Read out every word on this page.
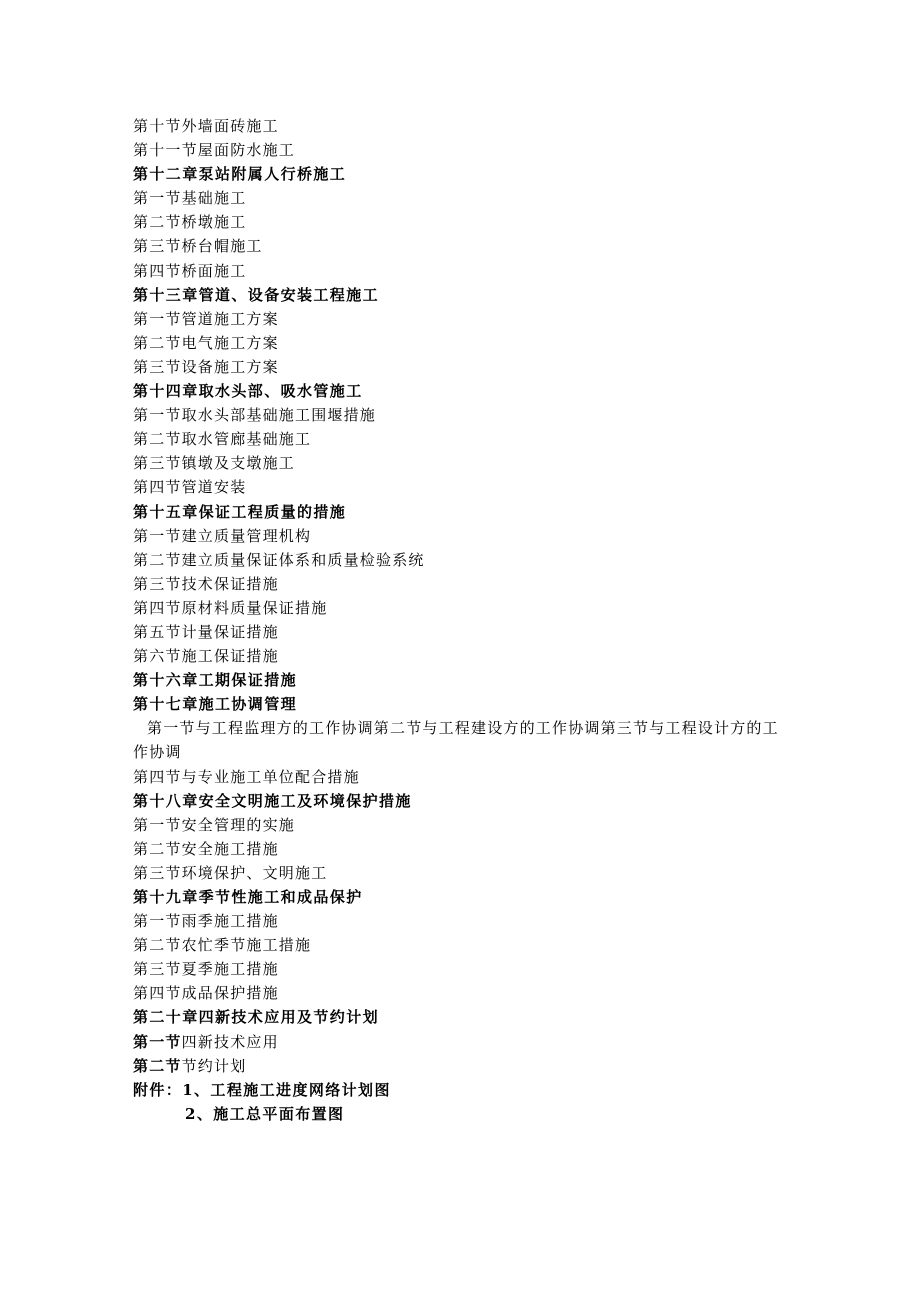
第十节外墙面砖施工
第十一节屋面防水施工
第十二章泵站附属人行桥施工
第一节基础施工
第二节桥墩施工
第三节桥台帽施工
第四节桥面施工
第十三章管道、设备安装工程施工
第一节管道施工方案
第二节电气施工方案
第三节设备施工方案
第十四章取水头部、吸水管施工
第一节取水头部基础施工围堰措施
第二节取水管廊基础施工
第三节镇墩及支墩施工
第四节管道安装
第十五章保证工程质量的措施
第一节建立质量管理机构
第二节建立质量保证体系和质量检验系统
第三节技术保证措施
第四节原材料质量保证措施
第五节计量保证措施
第六节施工保证措施
第十六章工期保证措施
第十七章施工协调管理
第一节与工程监理方的工作协调第二节与工程建设方的工作协调第三节与工程设计方的工作协调
第四节与专业施工单位配合措施
第十八章安全文明施工及环境保护措施
第一节安全管理的实施
第二节安全施工措施
第三节环境保护、文明施工
第十九章季节性施工和成品保护
第一节雨季施工措施
第二节农忙季节施工措施
第三节夏季施工措施
第四节成品保护措施
第二十章四新技术应用及节约计划
第一节四新技术应用
第二节节约计划
附件：1、工程施工进度网络计划图
2、施工总平面布置图
